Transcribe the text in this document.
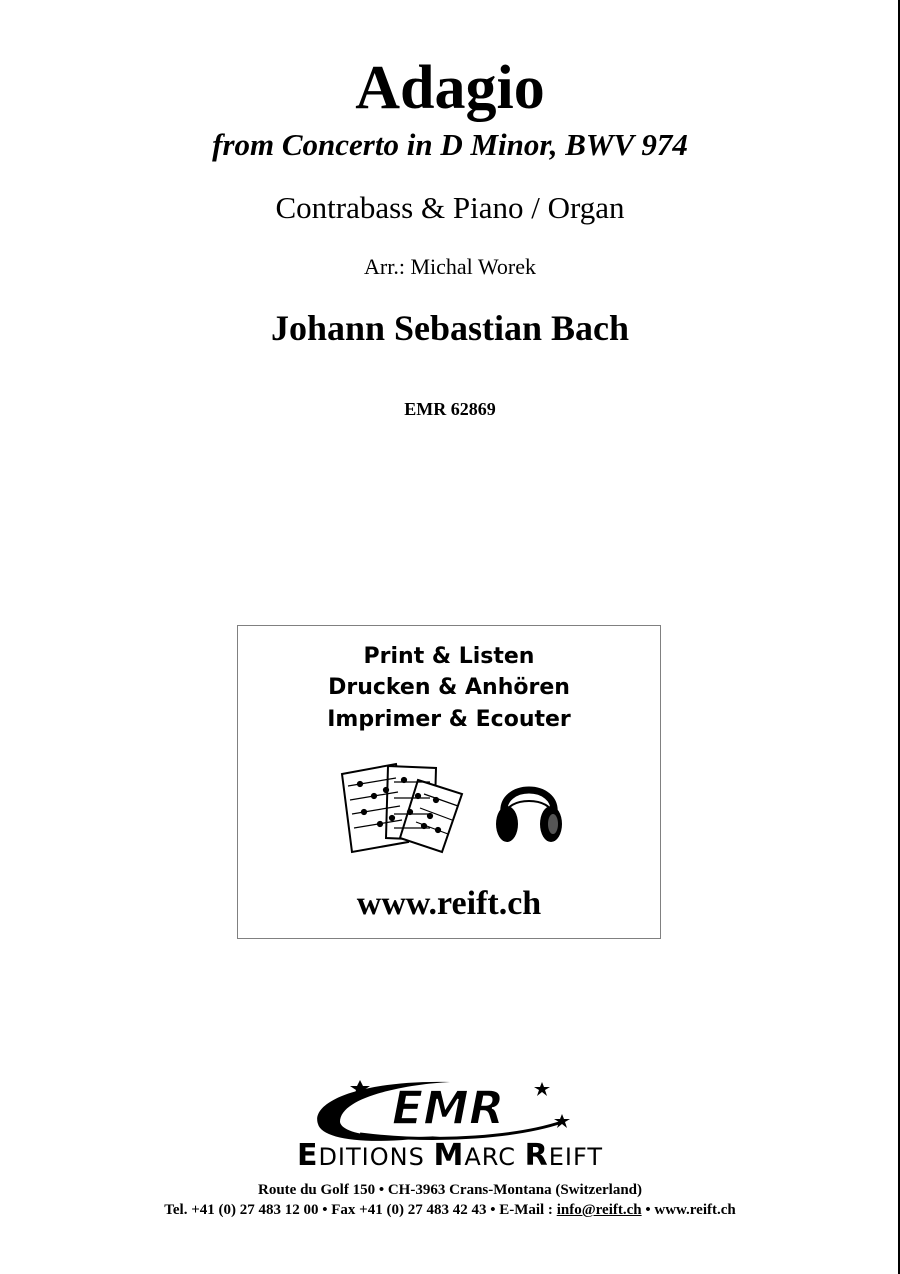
Adagio
from Concerto in D Minor, BWV 974
Contrabass & Piano / Organ
Arr.: Michal Worek
Johann Sebastian Bach
EMR 62869
Print & Listen
Drucken & Anhören
Imprimer & Ecouter
www.reift.ch
EMR
EDITIONS MARC REIFT
Route du Golf 150 • CH-3963 Crans-Montana (Switzerland)
Tel. +41 (0) 27 483 12 00 • Fax +41 (0) 27 483 42 43 • E-Mail : info@reift.ch • www.reift.ch
